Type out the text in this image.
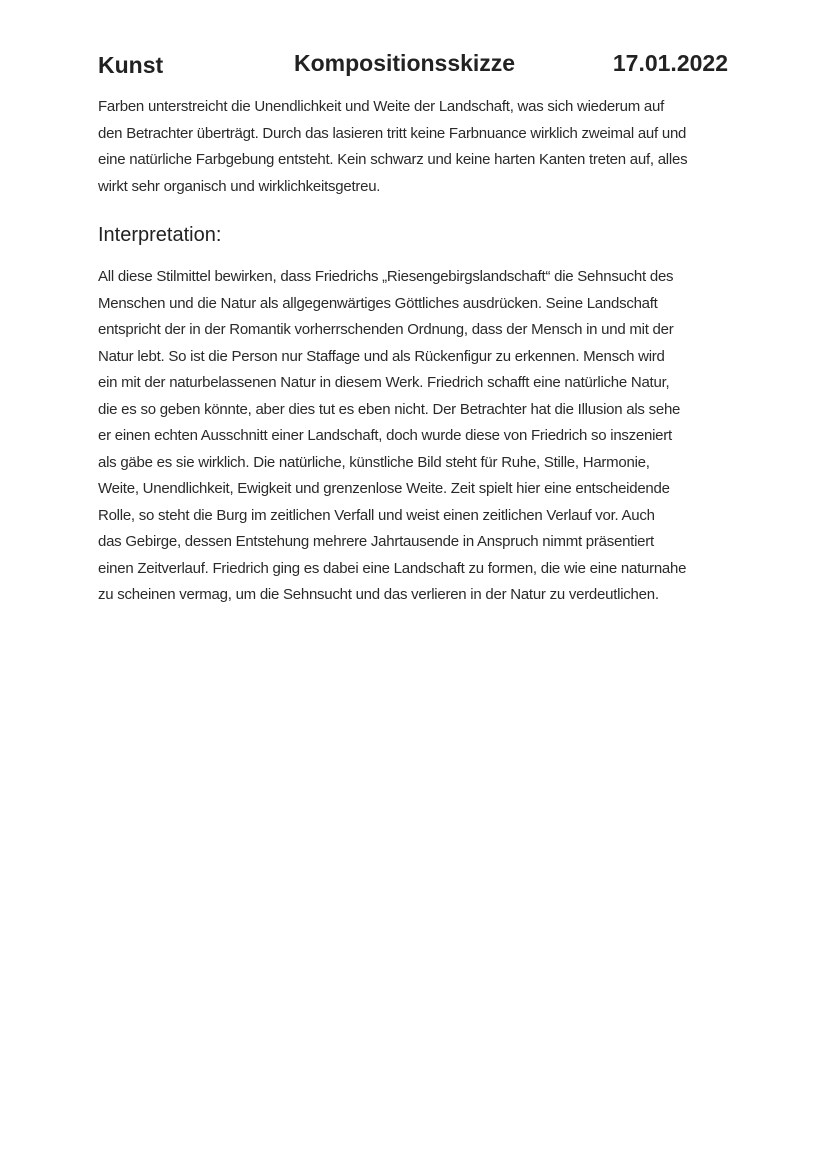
Kunst	Kompositionsskizze	17.01.2022
Farben unterstreicht die Unendlichkeit und Weite der Landschaft, was sich wiederum auf
den Betrachter überträgt. Durch das lasieren tritt keine Farbnuance wirklich zweimal auf und
eine natürliche Farbgebung entsteht. Kein schwarz und keine harten Kanten treten auf, alles
wirkt sehr organisch und wirklichkeitsgetreu.
Interpretation:
All diese Stilmittel bewirken, dass Friedrichs „Riesengebirgslandschaft“ die Sehnsucht des
Menschen und die Natur als allgegenwärtiges Göttliches ausdrücken. Seine Landschaft
entspricht der in der Romantik vorherrschenden Ordnung, dass der Mensch in und mit der
Natur lebt. So ist die Person nur Staffage und als Rückenfigur zu erkennen. Mensch wird
ein mit der naturbelassenen Natur in diesem Werk. Friedrich schafft eine natürliche Natur,
die es so geben könnte, aber dies tut es eben nicht. Der Betrachter hat die Illusion als sehe
er einen echten Ausschnitt einer Landschaft, doch wurde diese von Friedrich so inszeniert
als gäbe es sie wirklich. Die natürliche, künstliche Bild steht für Ruhe, Stille, Harmonie,
Weite, Unendlichkeit, Ewigkeit und grenzenlose Weite. Zeit spielt hier eine entscheidende
Rolle, so steht die Burg im zeitlichen Verfall und weist einen zeitlichen Verlauf vor. Auch
das Gebirge, dessen Entstehung mehrere Jahrtausende in Anspruch nimmt präsentiert
einen Zeitverlauf. Friedrich ging es dabei eine Landschaft zu formen, die wie eine naturnahe
zu scheinen vermag, um die Sehnsucht und das verlieren in der Natur zu verdeutlichen.
